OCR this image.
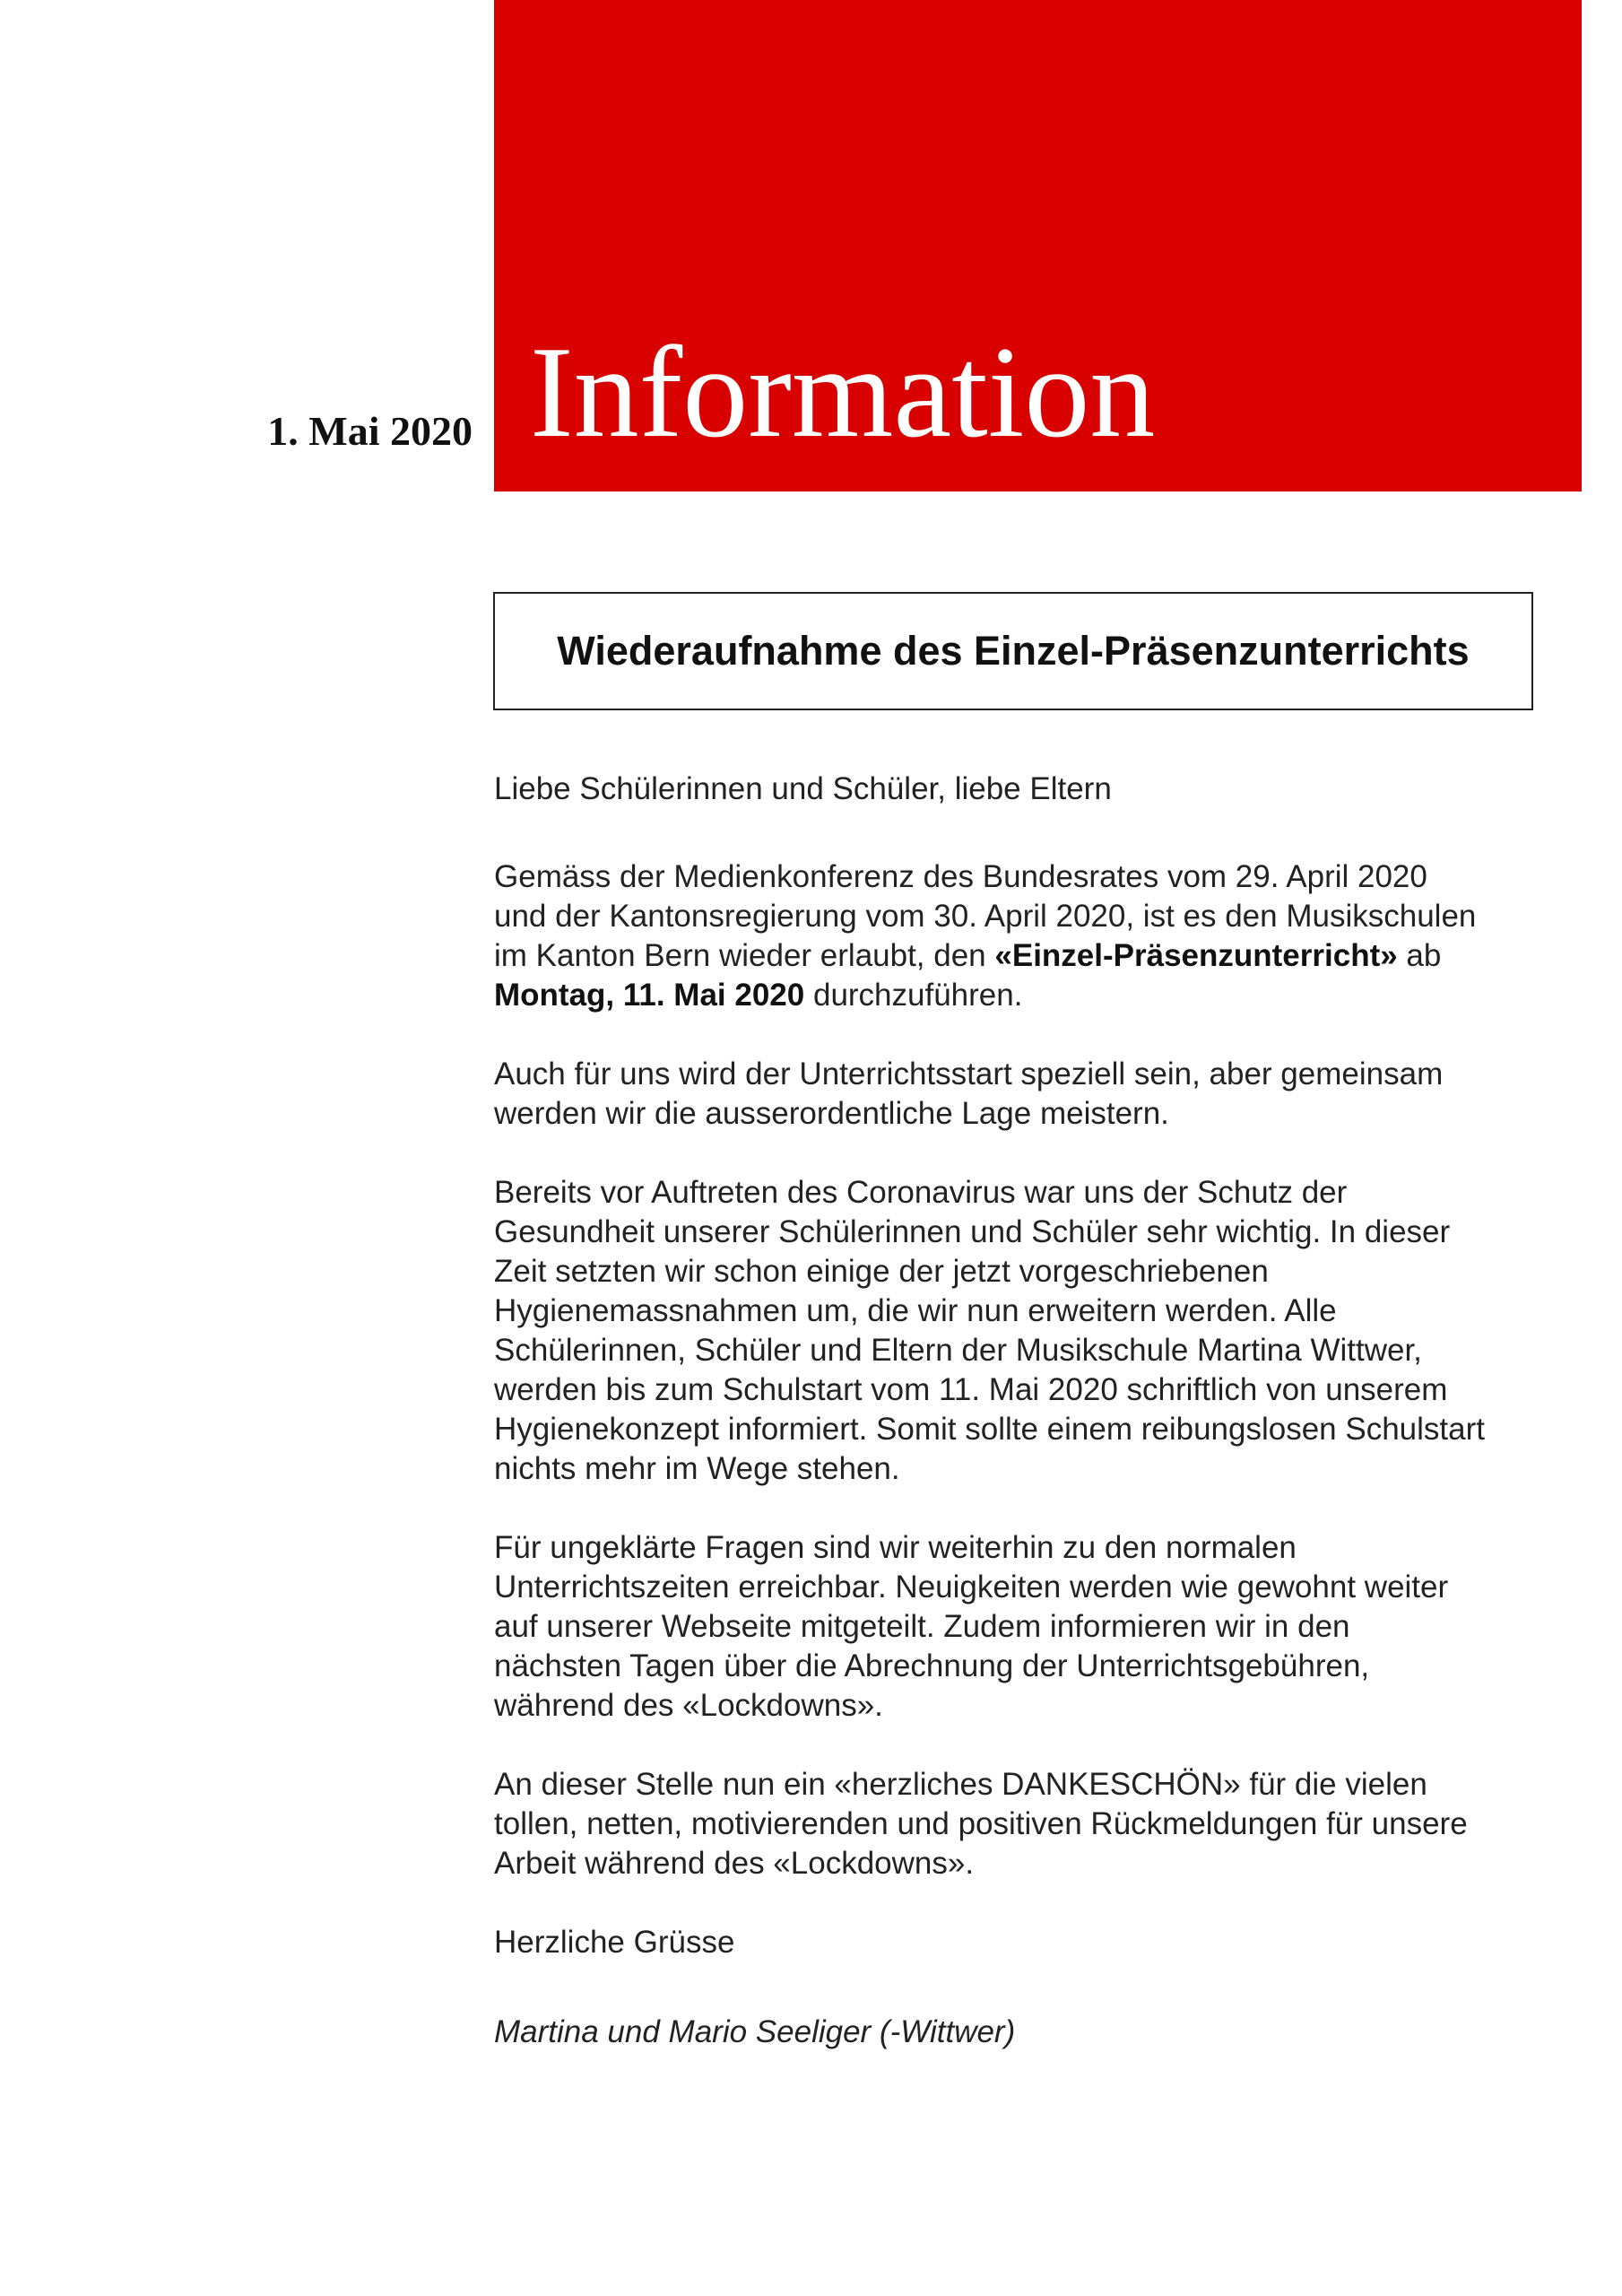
Information
1. Mai 2020
Wiederaufnahme des Einzel-Präsenzunterrichts

Liebe Schülerinnen und Schüler, liebe Eltern

Gemäss der Medienkonferenz des Bundesrates vom 29. April 2020
und der Kantonsregierung vom 30. April 2020, ist es den Musikschulen
im Kanton Bern wieder erlaubt, den «Einzel-Präsenzunterricht» ab
Montag, 11. Mai 2020 durchzuführen.

Auch für uns wird der Unterrichtsstart speziell sein, aber gemeinsam
werden wir die ausserordentliche Lage meistern.

Bereits vor Auftreten des Coronavirus war uns der Schutz der
Gesundheit unserer Schülerinnen und Schüler sehr wichtig. In dieser
Zeit setzten wir schon einige der jetzt vorgeschriebenen
Hygienemassnahmen um, die wir nun erweitern werden. Alle
Schülerinnen, Schüler und Eltern der Musikschule Martina Wittwer,
werden bis zum Schulstart vom 11. Mai 2020 schriftlich von unserem
Hygienekonzept informiert. Somit sollte einem reibungslosen Schulstart
nichts mehr im Wege stehen.

Für ungeklärte Fragen sind wir weiterhin zu den normalen
Unterrichtszeiten erreichbar. Neuigkeiten werden wie gewohnt weiter
auf unserer Webseite mitgeteilt. Zudem informieren wir in den
nächsten Tagen über die Abrechnung der Unterrichtsgebühren,
während des «Lockdowns».

An dieser Stelle nun ein «herzliches DANKESCHÖN» für die vielen
tollen, netten, motivierenden und positiven Rückmeldungen für unsere
Arbeit während des «Lockdowns».

Herzliche Grüsse

Martina und Mario Seeliger (-Wittwer)
